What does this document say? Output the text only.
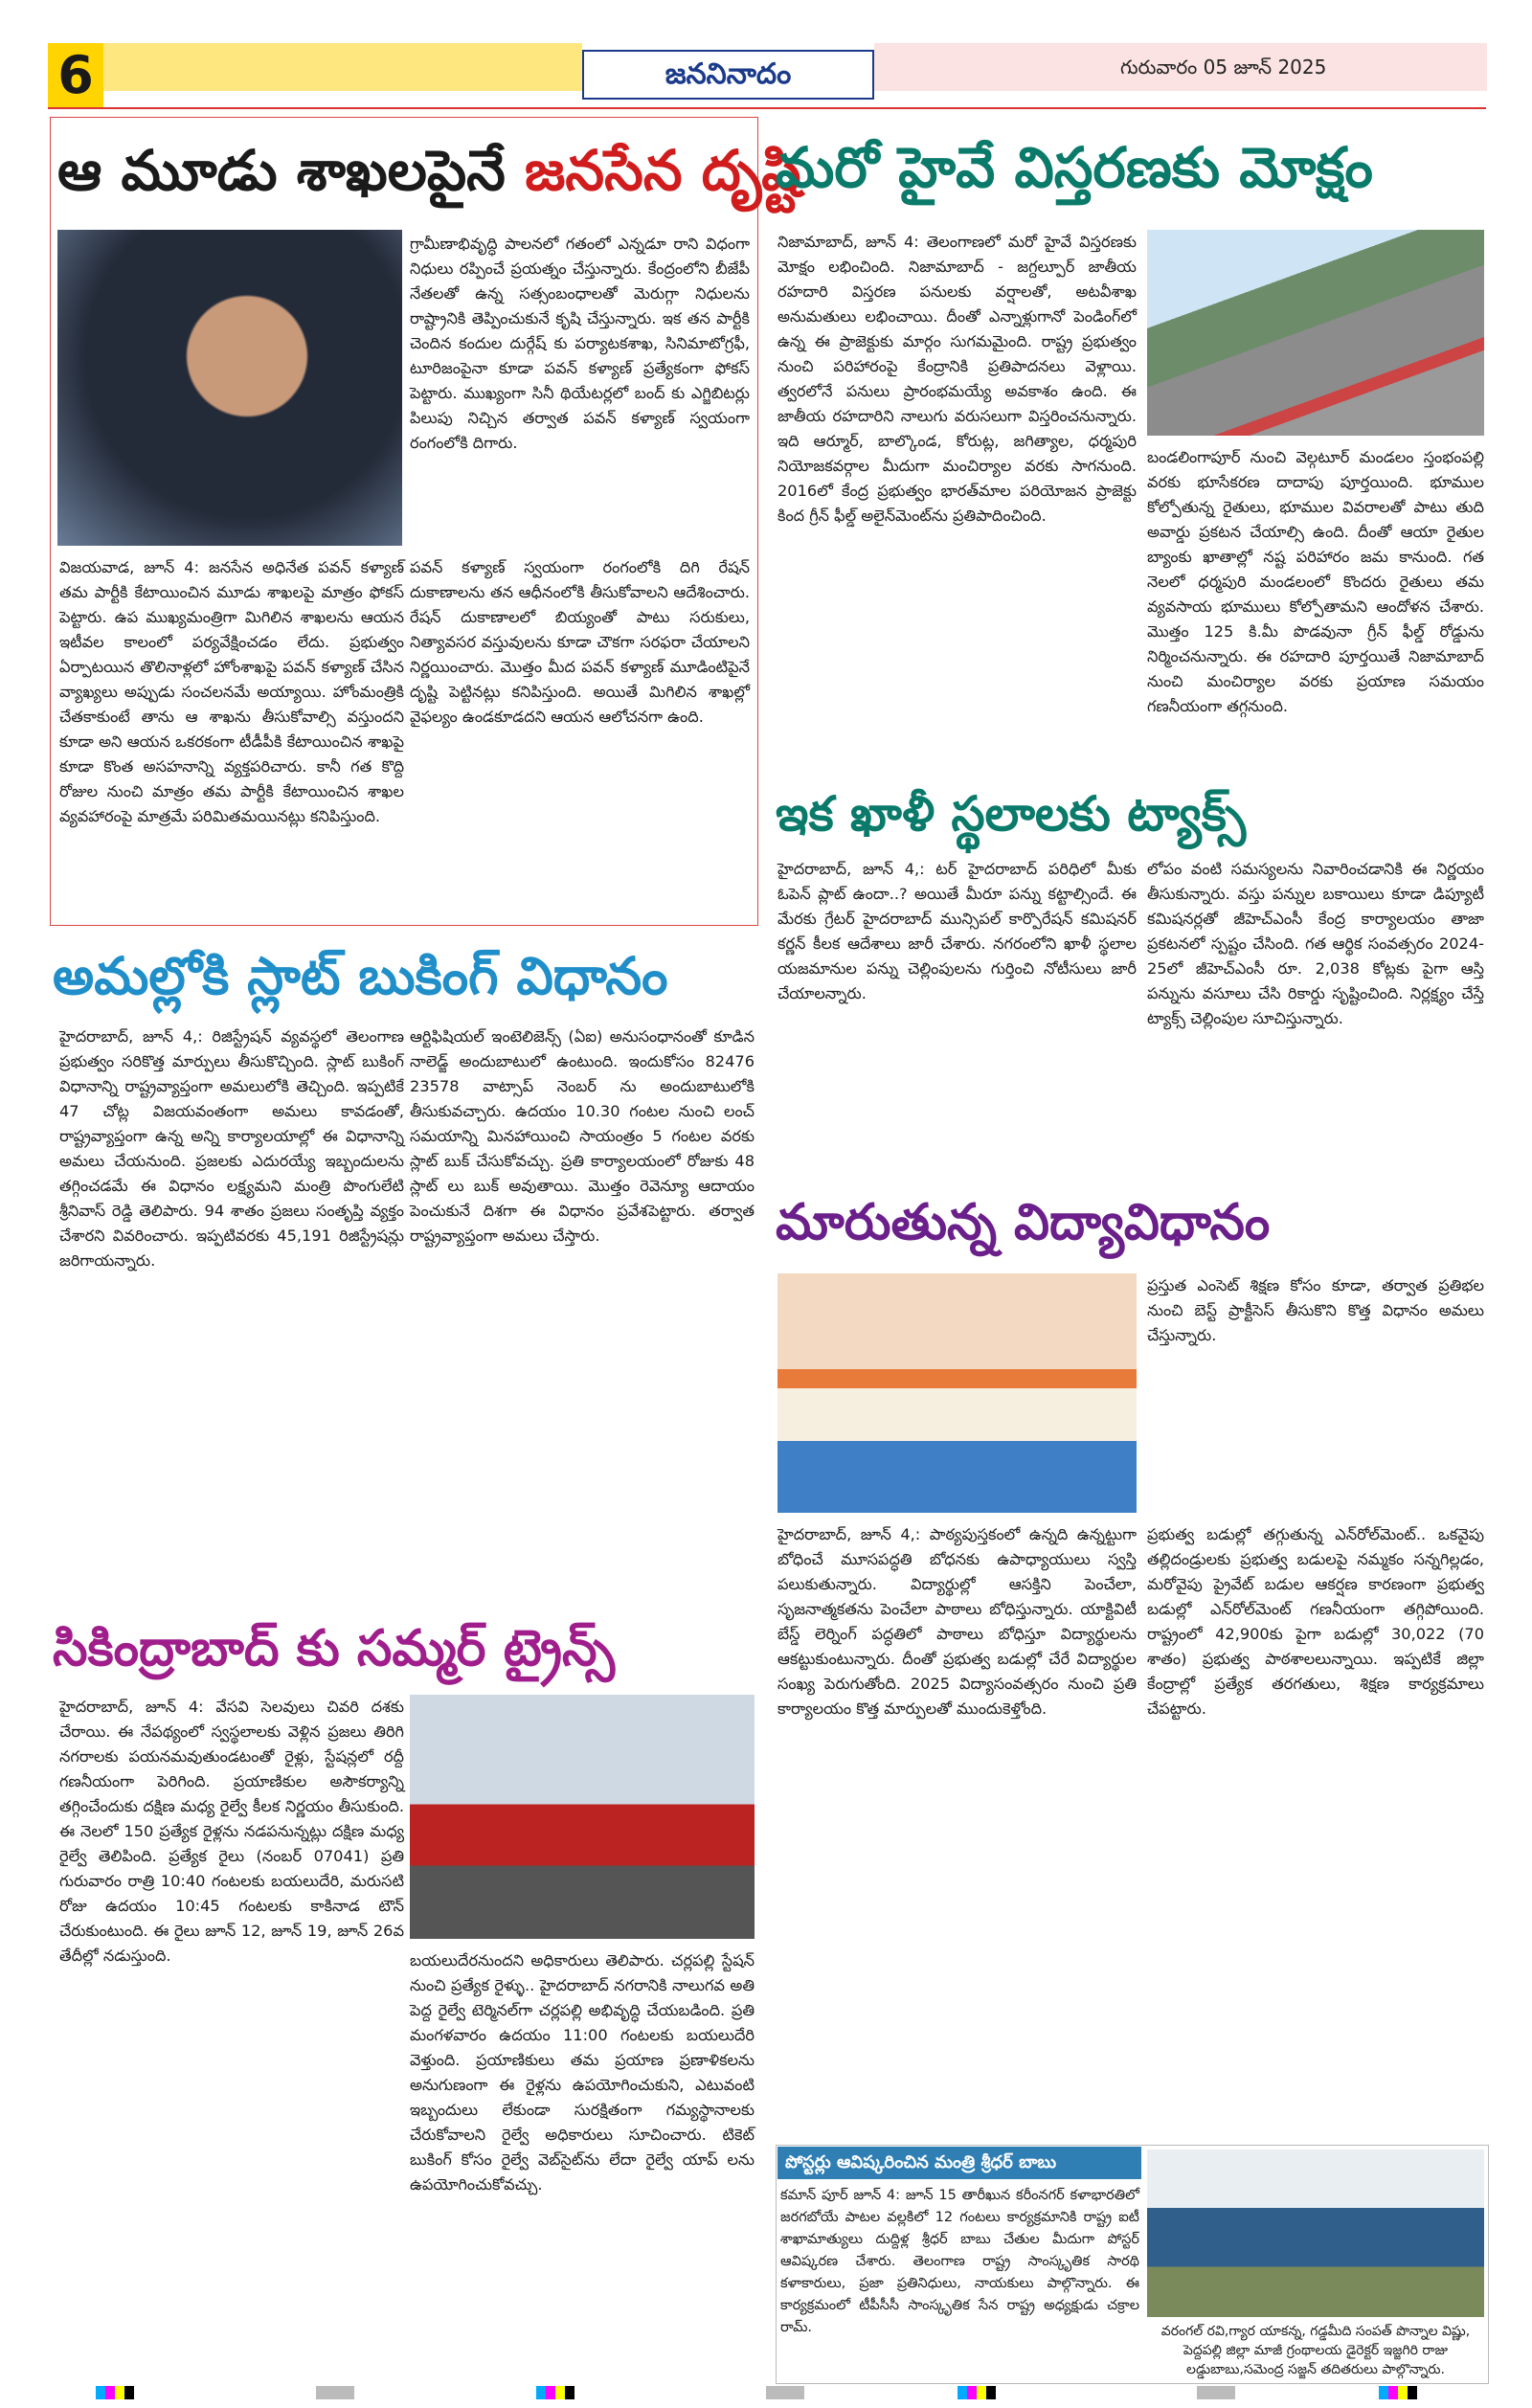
6	జననినాదం	గురువారం 05 జూన్ 2025
ఆ మూడు శాఖలపైనే జనసేన దృష్టి
గ్రామీణాభివృద్ధి పాలనలో గతంలో ఎన్నడూ రాని విధంగా నిధులు రప్పించే ప్రయత్నం చేస్తున్నారు. కేంద్రంలోని బీజేపీ నేతలతో ఉన్న సత్సంబంధాలతో మెరుగ్గా నిధులను రాష్ట్రానికి తెప్పించుకునే కృషి చేస్తున్నారు. ఇక తన పార్టీకి చెందిన కందుల దుర్గేష్ కు పర్యాటకశాఖ, సినిమాటోగ్రఫీ, టూరిజంపైనా కూడా పవన్ కళ్యాణ్ ప్రత్యేకంగా ఫోకస్ పెట్టారు. ముఖ్యంగా సినీ థియేటర్లలో బంద్ కు ఎగ్జిబిటర్లు పిలుపు నిచ్చిన తర్వాత పవన్ కళ్యాణ్ స్వయంగా రంగంలోకి దిగారు.
విజయవాడ, జూన్ 4: జనసేన అధినేత పవన్ కళ్యాణ్ తమ పార్టీకి కేటాయించిన మూడు శాఖలపై మాత్రం ఫోకస్ పెట్టారు. ఉప ముఖ్యమంత్రిగా మిగిలిన శాఖలను ఆయన ఇటీవల కాలంలో పర్యవేక్షించడం లేదు. ప్రభుత్వం ఏర్పాటయిన తొలినాళ్లలో హోంశాఖపై పవన్ కళ్యాణ్ చేసిన వ్యాఖ్యలు అప్పుడు సంచలనమే అయ్యాయి. హోంమంత్రికి చేతకాకుంటే తాను ఆ శాఖను తీసుకోవాల్సి వస్తుందని కూడా అని ఆయన ఒకరకంగా టీడీపీకి కేటాయించిన శాఖపై కూడా కొంత అసహనాన్ని వ్యక్తపరిచారు. కానీ గత కొద్ది రోజుల నుంచి మాత్రం తమ పార్టీకి కేటాయించిన శాఖల వ్యవహారంపై మాత్రమే పరిమితమయినట్లు కనిపిస్తుంది.
పవన్ కళ్యాణ్ స్వయంగా రంగంలోకి దిగి రేషన్ దుకాణాలను తన ఆధీనంలోకి తీసుకోవాలని ఆదేశించారు. రేషన్ దుకాణాలలో బియ్యంతో పాటు సరుకులు, నిత్యావసర వస్తువులను కూడా చౌకగా సరఫరా చేయాలని నిర్ణయించారు. మొత్తం మీద పవన్ కళ్యాణ్ మూడింటిపైనే దృష్టి పెట్టినట్లు కనిపిస్తుంది. అయితే మిగిలిన శాఖల్లో వైఫల్యం ఉండకూడదని ఆయన ఆలోచనగా ఉంది.
మరో హైవే విస్తరణకు మోక్షం
నిజామాబాద్, జూన్ 4: తెలంగాణలో మరో హైవే విస్తరణకు మోక్షం లభించింది. నిజామాబాద్ - జగ్దల్పూర్ జాతీయ రహదారి విస్తరణ పనులకు వర్షాలతో, అటవీశాఖ అనుమతులు లభించాయి. దీంతో ఎన్నాళ్లుగానో పెండింగ్‌లో ఉన్న ఈ ప్రాజెక్టుకు మార్గం సుగమమైంది. రాష్ట్ర ప్రభుత్వం నుంచి పరిహారంపై కేంద్రానికి ప్రతిపాదనలు వెళ్లాయి. త్వరలోనే పనులు ప్రారంభమయ్యే అవకాశం ఉంది. ఈ జాతీయ రహదారిని నాలుగు వరుసలుగా విస్తరించనున్నారు. ఇది ఆర్మూర్, బాల్కొండ, కోరుట్ల, జగిత్యాల, ధర్మపురి నియోజకవర్గాల మీదుగా మంచిర్యాల వరకు సాగనుంది. 2016లో కేంద్ర ప్రభుత్వం భారత్‌మాల పరియోజన ప్రాజెక్టు కింద గ్రీన్ ఫీల్డ్ అలైన్‌మెంట్‌ను ప్రతిపాదించింది.
బండలింగాపూర్ నుంచి వెల్గటూర్ మండలం స్తంభంపల్లి వరకు భూసేకరణ దాదాపు పూర్తయింది. భూముల కోల్పోతున్న రైతులు, భూముల వివరాలతో పాటు తుది అవార్డు ప్రకటన చేయాల్సి ఉంది. దీంతో ఆయా రైతుల బ్యాంకు ఖాతాల్లో నష్ట పరిహారం జమ కానుంది. గత నెలలో ధర్మపురి మండలంలో కొందరు రైతులు తమ వ్యవసాయ భూములు కోల్పోతామని ఆందోళన చేశారు. మొత్తం 125 కి.మీ పొడవునా గ్రీన్ ఫీల్డ్ రోడ్డును నిర్మించనున్నారు. ఈ రహదారి పూర్తయితే నిజామాబాద్ నుంచి మంచిర్యాల వరకు ప్రయాణ సమయం గణనీయంగా తగ్గనుంది.
ఇక ఖాళీ స్థలాలకు ట్యాక్స్
హైదరాబాద్, జూన్ 4,: టర్ హైదరాబాద్ పరిధిలో మీకు ఓపెన్ ప్లాట్ ఉందా..? అయితే మీరూ పన్ను కట్టాల్సిందే. ఈ మేరకు గ్రేటర్ హైదరాబాద్ మున్సిపల్ కార్పొరేషన్ కమిషనర్ కర్ణన్ కీలక ఆదేశాలు జారీ చేశారు. నగరంలోని ఖాళీ స్థలాల యజమానుల పన్ను చెల్లింపులను గుర్తించి నోటీసులు జారీ చేయాలన్నారు.
లోపం వంటి సమస్యలను నివారించడానికి ఈ నిర్ణయం తీసుకున్నారు. వస్తు పన్నుల బకాయిలు కూడా డిప్యూటీ కమిషనర్లతో జీహెచ్ఎంసీ కేంద్ర కార్యాలయం తాజా ప్రకటనలో స్పష్టం చేసింది. గత ఆర్థిక సంవత్సరం 2024-25లో జీహెచ్ఎంసీ రూ. 2,038 కోట్లకు పైగా ఆస్తి పన్నును వసూలు చేసి రికార్డు సృష్టించింది. నిర్లక్ష్యం చేస్తే ట్యాక్స్ చెల్లింపుల సూచిస్తున్నారు.
అమల్లోకి స్లాట్ బుకింగ్ విధానం
హైదరాబాద్, జూన్ 4,: రిజిస్ట్రేషన్ వ్యవస్థలో తెలంగాణ ప్రభుత్వం సరికొత్త మార్పులు తీసుకొచ్చింది. స్లాట్ బుకింగ్ విధానాన్ని రాష్ట్రవ్యాప్తంగా అమలులోకి తెచ్చింది. ఇప్పటికే 47 చోట్ల విజయవంతంగా అమలు కావడంతో, రాష్ట్రవ్యాప్తంగా ఉన్న అన్ని కార్యాలయాల్లో ఈ విధానాన్ని అమలు చేయనుంది. ప్రజలకు ఎదురయ్యే ఇబ్బందులను తగ్గించడమే ఈ విధానం లక్ష్యమని మంత్రి పొంగులేటి శ్రీనివాస్ రెడ్డి తెలిపారు. 94 శాతం ప్రజలు సంతృప్తి వ్యక్తం చేశారని వివరించారు. ఇప్పటివరకు 45,191 రిజిస్ట్రేషన్లు జరిగాయన్నారు.
ఆర్టిఫిషియల్ ఇంటెలిజెన్స్ (ఏఐ) అనుసంధానంతో కూడిన నాలెడ్జ్ అందుబాటులో ఉంటుంది. ఇందుకోసం 82476 23578 వాట్సాప్ నెంబర్ ను అందుబాటులోకి తీసుకువచ్చారు. ఉదయం 10.30 గంటల నుంచి లంచ్ సమయాన్ని మినహాయించి సాయంత్రం 5 గంటల వరకు స్లాట్ బుక్ చేసుకోవచ్చు. ప్రతి కార్యాలయంలో రోజుకు 48 స్లాట్ లు బుక్ అవుతాయి. మొత్తం రెవెన్యూ ఆదాయం పెంచుకునే దిశగా ఈ విధానం ప్రవేశపెట్టారు. తర్వాత రాష్ట్రవ్యాప్తంగా అమలు చేస్తారు.	మారుతున్న విద్యావిధానం
ప్రస్తుత ఎంసెట్ శిక్షణ కోసం కూడా, తర్వాత ప్రతిభల నుంచి బెస్ట్ ప్రాక్టీసెస్ తీసుకొని కొత్త విధానం అమలు చేస్తున్నారు.
హైదరాబాద్, జూన్ 4,: పాఠ్యపుస్తకంలో ఉన్నది ఉన్నట్టుగా బోధించే మూసపద్ధతి బోధనకు ఉపాధ్యాయులు స్వస్తి పలుకుతున్నారు. విద్యార్థుల్లో ఆసక్తిని పెంచేలా, సృజనాత్మకతను పెంచేలా పాఠాలు బోధిస్తున్నారు. యాక్టివిటీ బేస్డ్ లెర్నింగ్ పద్ధతిలో పాఠాలు బోధిస్తూ విద్యార్థులను ఆకట్టుకుంటున్నారు. దీంతో ప్రభుత్వ బడుల్లో చేరే విద్యార్థుల సంఖ్య పెరుగుతోంది. 2025 విద్యాసంవత్సరం నుంచి ప్రతి కార్యాలయం కొత్త మార్పులతో ముందుకెళ్తోంది.
ప్రభుత్వ బడుల్లో తగ్గుతున్న ఎన్‌రోల్‌మెంట్.. ఒకవైపు తల్లిదండ్రులకు ప్రభుత్వ బడులపై నమ్మకం సన్నగిల్లడం, మరోవైపు ప్రైవేట్ బడుల ఆకర్షణ కారణంగా ప్రభుత్వ బడుల్లో ఎన్‌రోల్‌మెంట్ గణనీయంగా తగ్గిపోయింది. రాష్ట్రంలో 42,900కు పైగా బడుల్లో 30,022 (70 శాతం) ప్రభుత్వ పాఠశాలలున్నాయి. ఇప్పటికే జిల్లా కేంద్రాల్లో ప్రత్యేక తరగతులు, శిక్షణ కార్యక్రమాలు చేపట్టారు.
సికింద్రాబాద్ కు సమ్మర్ ట్రైన్స్
హైదరాబాద్, జూన్ 4: వేసవి సెలవులు చివరి దశకు చేరాయి. ఈ నేపథ్యంలో స్వస్థలాలకు వెళ్లిన ప్రజలు తిరిగి నగరాలకు పయనమవుతుండటంతో రైళ్లు, స్టేషన్లలో రద్దీ గణనీయంగా పెరిగింది. ప్రయాణికుల అసౌకర్యాన్ని తగ్గించేందుకు దక్షిణ మధ్య రైల్వే కీలక నిర్ణయం తీసుకుంది. ఈ నెలలో 150 ప్రత్యేక రైళ్లను నడపనున్నట్లు దక్షిణ మధ్య రైల్వే తెలిపింది. ప్రత్యేక రైలు (నంబర్ 07041) ప్రతి గురువారం రాత్రి 10:40 గంటలకు బయలుదేరి, మరుసటి రోజు ఉదయం 10:45 గంటలకు కాకినాడ టౌన్ చేరుకుంటుంది. ఈ రైలు జూన్ 12, జూన్ 19, జూన్ 26వ తేదీల్లో నడుస్తుంది.	బయలుదేరనుందని అధికారులు తెలిపారు. చర్లపల్లి స్టేషన్ నుంచి ప్రత్యేక రైళ్ళు.. హైదరాబాద్ నగరానికి నాలుగవ అతి పెద్ద రైల్వే టెర్మినల్‌గా చర్లపల్లి అభివృద్ధి చేయబడింది. ప్రతి మంగళవారం ఉదయం 11:00 గంటలకు బయలుదేరి వెళ్తుంది. ప్రయాణికులు తమ ప్రయాణ ప్రణాళికలను అనుగుణంగా ఈ రైళ్లను ఉపయోగించుకుని, ఎటువంటి ఇబ్బందులు లేకుండా సురక్షితంగా గమ్యస్థానాలకు చేరుకోవాలని రైల్వే అధికారులు సూచించారు. టికెట్ బుకింగ్ కోసం రైల్వే వెబ్‌సైట్‌ను లేదా రైల్వే యాప్ లను ఉపయోగించుకోవచ్చు.
పోస్టర్లు ఆవిష్కరించిన మంత్రి శ్రీధర్ బాబు
కమాన్ పూర్ జూన్ 4: జూన్ 15 తారీఖున కరీంనగర్ కళాభారతిలో జరగబోయే పాటల వల్లకిలో 12 గంటలు కార్యక్రమానికి రాష్ట్ర ఐటీ శాఖామాత్యులు దుద్దిళ్ల శ్రీధర్ బాబు చేతుల మీదుగా పోస్టర్ ఆవిష్కరణ చేశారు. తెలంగాణ రాష్ట్ర సాంస్కృతిక సారథి కళాకారులు, ప్రజా ప్రతినిధులు, నాయకులు పాల్గొన్నారు. ఈ కార్యక్రమంలో టీపీసీసీ సాంస్కృతిక సేన రాష్ట్ర అధ్యక్షుడు చక్రాల రామ్.	వరంగల్ రవి,గ్యార యాకన్న, గడ్డమీది సంపత్ పొన్నాల విష్ణు, పెద్దపల్లి జిల్లా మాజీ గ్రంథాలయ డైరెక్టర్ ఇజ్జగిరి రాజు లడ్డుబాబు,సమెంద్ర సజ్జన్ తదితరులు పాల్గొన్నారు.
